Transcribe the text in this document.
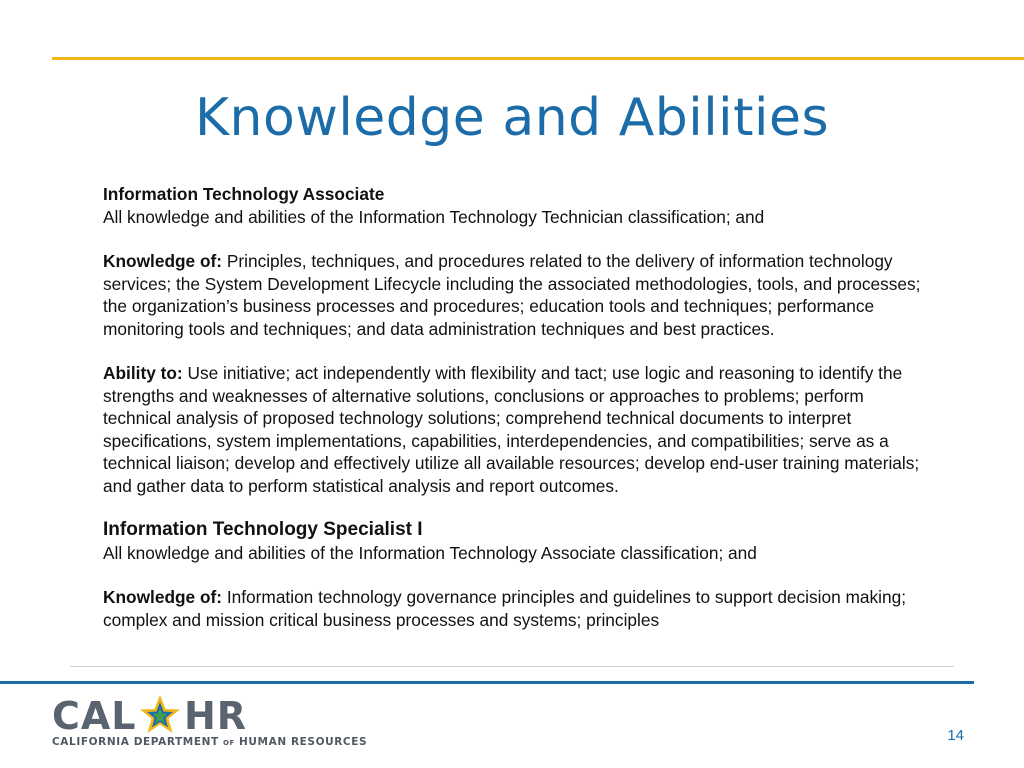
Knowledge and Abilities

Information Technology Associate

All knowledge and abilities of the Information Technology Technician classification; and

Knowledge of: Principles, techniques, and procedures related to the delivery of information technology services; the System Development Lifecycle including the associated methodologies, tools, and processes; the organization’s business processes and procedures; education tools and techniques; performance monitoring tools and techniques; and data administration techniques and best practices.

Ability to: Use initiative; act independently with flexibility and tact; use logic and reasoning to identify the strengths and weaknesses of alternative solutions, conclusions or approaches to problems; perform technical analysis of proposed technology solutions; comprehend technical documents to interpret specifications, system implementations, capabilities, interdependencies, and compatibilities; serve as a technical liaison; develop and effectively utilize all available resources; develop end-user training materials; and gather data to perform statistical analysis and report outcomes.

Information Technology Specialist I

All knowledge and abilities of the Information Technology Associate classification; and

Knowledge of: Information technology governance principles and guidelines to support decision making; complex and mission critical business processes and systems; principles

CAL HR
CALIFORNIA DEPARTMENT OF HUMAN RESOURCES	14
